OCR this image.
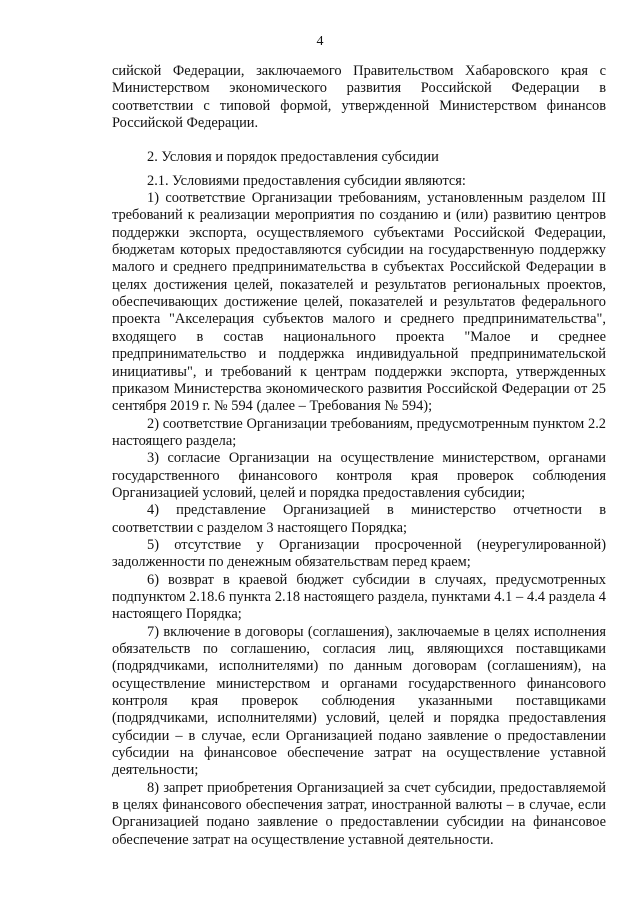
4

сийской Федерации, заключаемого Правительством Хабаровского края с Министерством экономического развития Российской Федерации в соответствии с типовой формой, утвержденной Министерством финансов Российской Федерации.

2. Условия и порядок предоставления субсидии

2.1. Условиями предоставления субсидии являются:

1) соответствие Организации требованиям, установленным разделом III требований к реализации мероприятия по созданию и (или) развитию центров поддержки экспорта, осуществляемого субъектами Российской Федерации, бюджетам которых предоставляются субсидии на государственную поддержку малого и среднего предпринимательства в субъектах Российской Федерации в целях достижения целей, показателей и результатов региональных проектов, обеспечивающих достижение целей, показателей и результатов федерального проекта "Акселерация субъектов малого и среднего предпринимательства", входящего в состав национального проекта "Малое и среднее предпринимательство и поддержка индивидуальной предпринимательской инициативы", и требований к центрам поддержки экспорта, утвержденных приказом Министерства экономического развития Российской Федерации от 25 сентября 2019 г. № 594 (далее – Требования № 594);

2) соответствие Организации требованиям, предусмотренным пунктом 2.2 настоящего раздела;

3) согласие Организации на осуществление министерством, органами государственного финансового контроля края проверок соблюдения Организацией условий, целей и порядка предоставления субсидии;

4) представление Организацией в министерство отчетности в соответствии с разделом 3 настоящего Порядка;

5) отсутствие у Организации просроченной (неурегулированной) задолженности по денежным обязательствам перед краем;

6) возврат в краевой бюджет субсидии в случаях, предусмотренных подпунктом 2.18.6 пункта 2.18 настоящего раздела, пунктами 4.1 – 4.4 раздела 4 настоящего Порядка;

7) включение в договоры (соглашения), заключаемые в целях исполнения обязательств по соглашению, согласия лиц, являющихся поставщиками (подрядчиками, исполнителями) по данным договорам (соглашениям), на осуществление министерством и органами государственного финансового контроля края проверок соблюдения указанными поставщиками (подрядчиками, исполнителями) условий, целей и порядка предоставления субсидии – в случае, если Организацией подано заявление о предоставлении субсидии на финансовое обеспечение затрат на осуществление уставной деятельности;

8) запрет приобретения Организацией за счет субсидии, предоставляемой в целях финансового обеспечения затрат, иностранной валюты – в случае, если Организацией подано заявление о предоставлении субсидии на финансовое обеспечение затрат на осуществление уставной деятельности.
